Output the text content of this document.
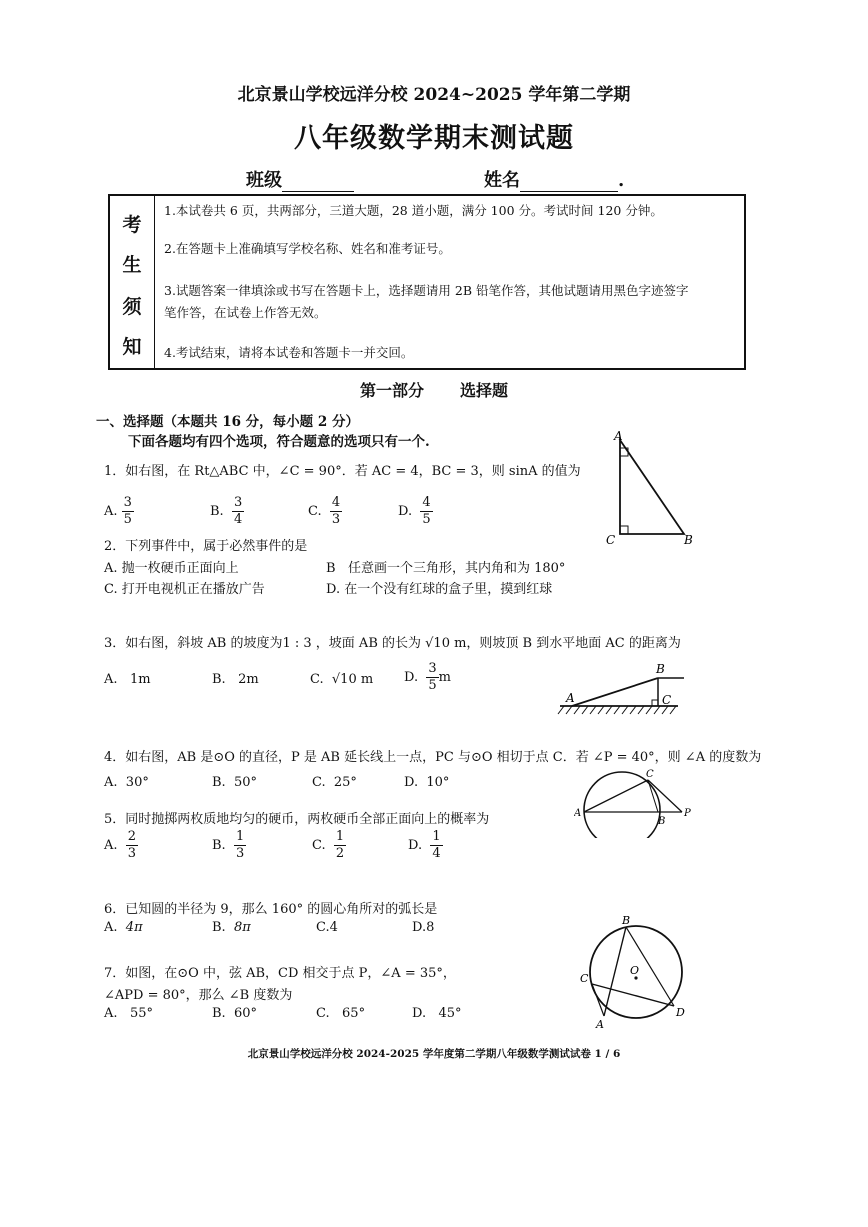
北京景山学校远洋分校 2024~2025 学年第二学期
八年级数学期末测试题
班级	姓名	.
考
生
须
知
1.本试卷共 6 页，共两部分，三道大题，28 道小题，满分 100 分。考试时间 120 分钟。
2.在答题卡上准确填写学校名称、姓名和准考证号。
3.试题答案一律填涂或书写在答题卡上，选择题请用 2B 铅笔作答，其他试题请用黑色字迹签字
笔作答，在试卷上作答无效。
4.考试结束，请将本试卷和答题卡一并交回。
第一部分 选择题
一、选择题（本题共 16 分，每小题 2 分）
下面各题均有四个选项，符合题意的选项只有一个.
1．如右图，在 Rt△ABC 中，∠C = 90°．若 AC = 4，BC = 3，则 sinA 的值为
A. $\frac{3}{5}$	B. $\frac{3}{4}$	C. $\frac{4}{3}$	D. $\frac{4}{5}$
A
C	B
2．下列事件中，属于必然事件的是
A. 抛一枚硬币正面向上	B 任意画一个三角形，其内角和为 180°
C. 打开电视机正在播放广告	D. 在一个没有红球的盒子里，摸到红球
3．如右图，斜坡 AB 的坡度为1 : 3 ，坡面 AB 的长为 √10 m，则坡顶 B 到水平地面 AC 的距离为
A. 1m	B. 2m	C. √10 m D. $\frac{3}{5}$ m
A
B
C
4．如右图，AB 是⊙O 的直径，P 是 AB 延长线上一点，PC 与⊙O 相切于点 C．若 ∠P = 40°，则 ∠A 的度数为
A. 30°	B. 50°	C. 25°	D. 10°
A
C
B
P
5．同时抛掷两枚质地均匀的硬币，两枚硬币全部正面向上的概率为
A. $\frac{2}{3}$	B. $\frac{1}{3}$	C. $\frac{1}{2}$	D. $\frac{1}{4}$
6．已知圆的半径为 9，那么 160° 的圆心角所对的弧长是
A. 4π	B. 8π	C.4	D.8
7．如图，在⊙O 中，弦 AB，CD 相交于点 P，∠A = 35°，
∠APD = 80°，那么 ∠B 度数为
A. 55°	B. 60°	C. 65°	D. 45°
B
C
O
A
D
北京景山学校远洋分校 2024-2025 学年度第二学期八年级数学测试试卷 1 / 6
